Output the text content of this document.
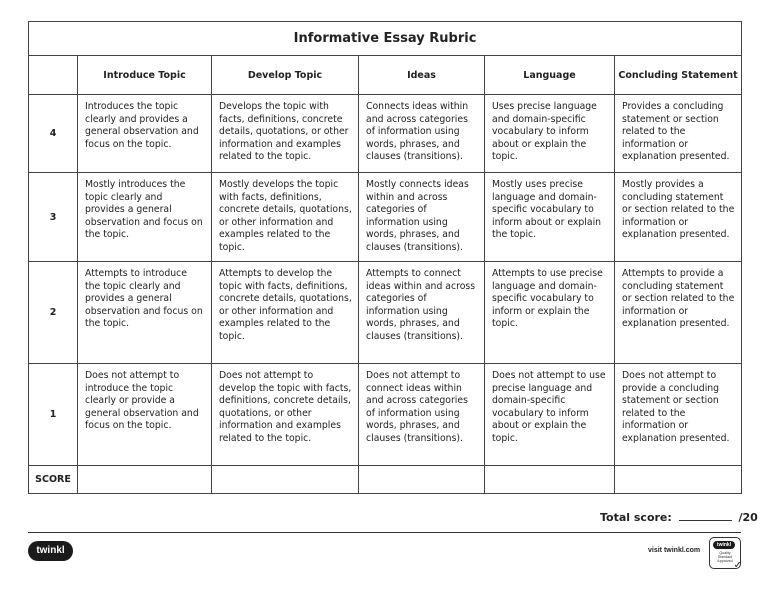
Informative Essay Rubric					
	Introduce Topic	Develop Topic	Ideas	Language	Concluding Statement
4	Introduces the topic clearly and provides a general observation and focus on the topic.	Develops the topic with facts, definitions, concrete details, quotations, or other information and examples related to the topic.	Connects ideas within and across categories of information using words, phrases, and clauses (transitions).	Uses precise language and domain-specific vocabulary to inform about or explain the topic.	Provides a concluding statement or section related to the information or explanation presented.
3	Mostly introduces the topic clearly and provides a general observation and focus on the topic.	Mostly develops the topic with facts, definitions, concrete details, quotations, or other information and examples related to the topic.	Mostly connects ideas within and across categories of information using words, phrases, and clauses (transitions).	Mostly uses precise language and domain-specific vocabulary to inform about or explain the topic.	Mostly provides a concluding statement or section related to the information or explanation presented.
2	Attempts to introduce the topic clearly and provides a general observation and focus on the topic.	Attempts to develop the topic with facts, definitions, concrete details, quotations, or other information and examples related to the topic.	Attempts to connect ideas within and across categories of information using words, phrases, and clauses (transitions).	Attempts to use precise language and domain-specific vocabulary to inform or explain the topic.	Attempts to provide a concluding statement or section related to the information or explanation presented.
1	Does not attempt to introduce the topic clearly or provide a general observation and focus on the topic.	Does not attempt to develop the topic with facts, definitions, concrete details, quotations, or other information and examples related to the topic.	Does not attempt to connect ideas within and across categories of information using words, phrases, and clauses (transitions).	Does not attempt to use precise language and domain-specific vocabulary to inform about or explain the topic.	Does not attempt to provide a concluding statement or section related to the information or explanation presented.
SCORE					
Total score:	/20
twinkl	visit twinkl.com
twinkl
Quality Standard Approved ✓
